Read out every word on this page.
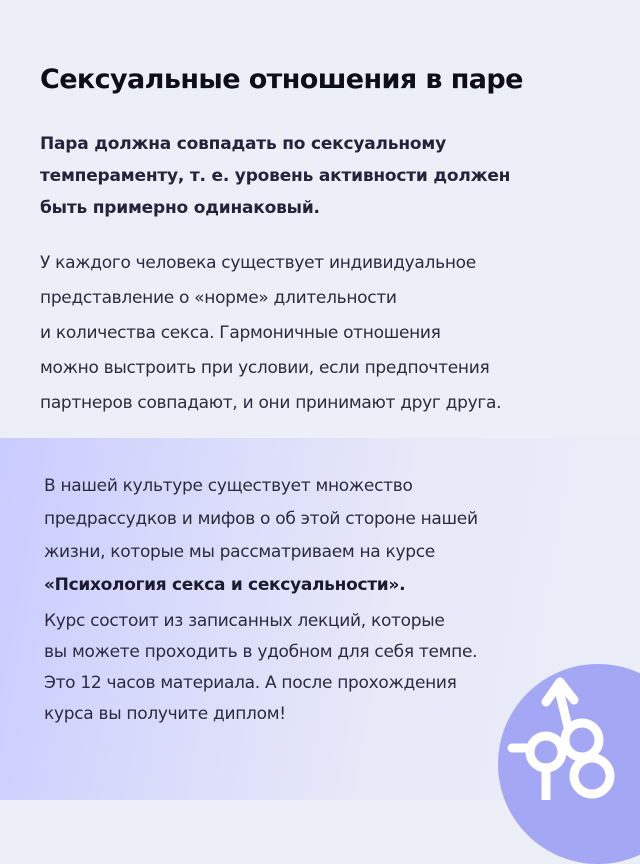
Сексуальные отношения в паре
Пара должна совпадать по сексуальному
темпераменту, т. е. уровень активности должен
быть примерно одинаковый.
У каждого человека существует индивидуальное
представление о «норме» длительности
и количества секса. Гармоничные отношения
можно выстроить при условии, если предпочтения
партнеров совпадают, и они принимают друг друга.
В нашей культуре существует множество
предрассудков и мифов о об этой стороне нашей
жизни, которые мы рассматриваем на курсе
«Психология секса и сексуальности».
Курс состоит из записанных лекций, которые
вы можете проходить в удобном для себя темпе.
Это 12 часов материала. А после прохождения
курса вы получите диплом!
